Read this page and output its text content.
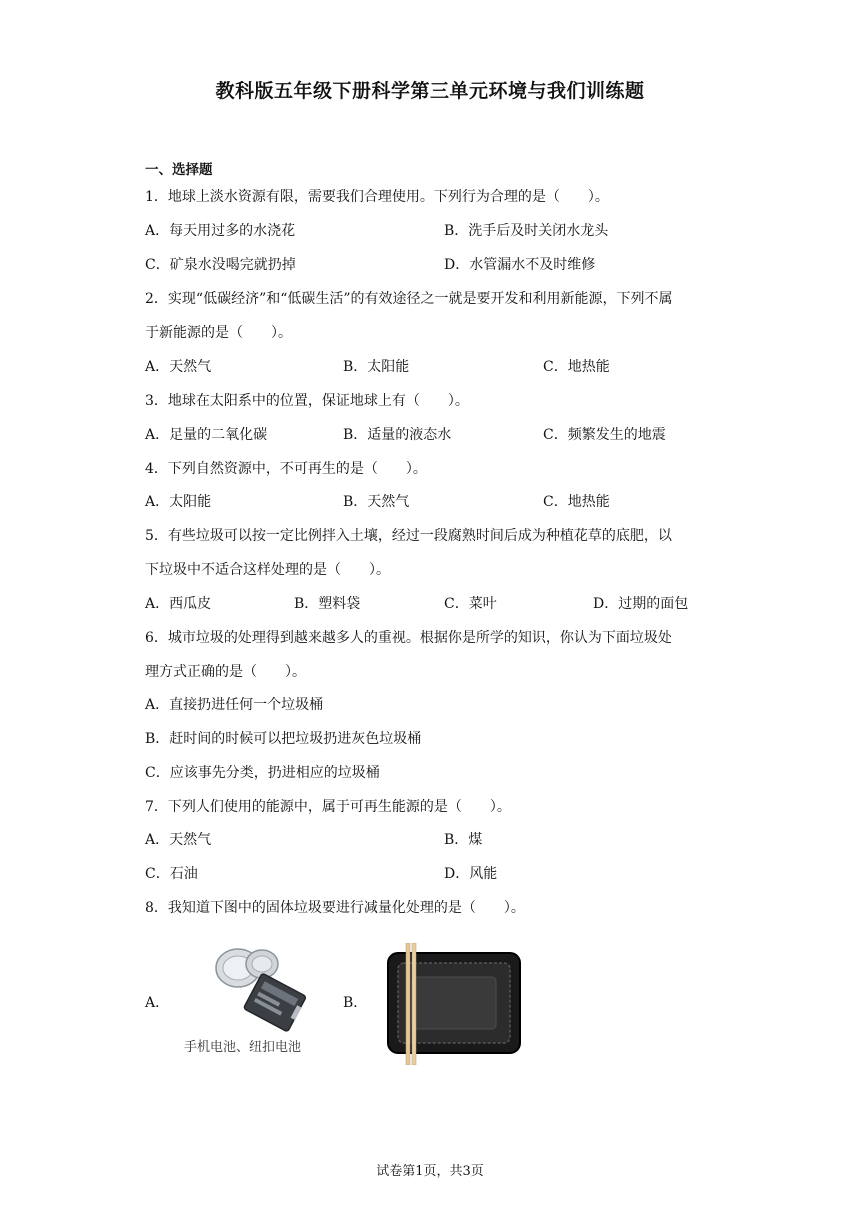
教科版五年级下册科学第三单元环境与我们训练题
一、选择题
1．地球上淡水资源有限，需要我们合理使用。下列行为合理的是（　　）。
A．每天用过多的水浇花	B．洗手后及时关闭水龙头
C．矿泉水没喝完就扔掉	D．水管漏水不及时维修
2．实现“低碳经济”和“低碳生活”的有效途径之一就是要开发和利用新能源，下列不属
于新能源的是（　　）。
A．天然气	B．太阳能	C．地热能
3．地球在太阳系中的位置，保证地球上有（　　）。
A．足量的二氧化碳	B．适量的液态水	C．频繁发生的地震
4．下列自然资源中，不可再生的是（　　）。
A．太阳能	B．天然气	C．地热能
5．有些垃圾可以按一定比例拌入土壤，经过一段腐熟时间后成为种植花草的底肥，以
下垃圾中不适合这样处理的是（　　）。
A．西瓜皮	B．塑料袋	C．菜叶	D．过期的面包
6．城市垃圾的处理得到越来越多人的重视。根据你是所学的知识，你认为下面垃圾处
理方式正确的是（　　）。
A．直接扔进任何一个垃圾桶
B．赶时间的时候可以把垃圾扔进灰色垃圾桶
C．应该事先分类，扔进相应的垃圾桶
7．下列人们使用的能源中，属于可再生能源的是（　　）。
A．天然气	B．煤
C．石油	D．风能
8．我知道下图中的固体垃圾要进行减量化处理的是（　　）。
A．
手机电池、纽扣电池
B．
试卷第1页，共3页
